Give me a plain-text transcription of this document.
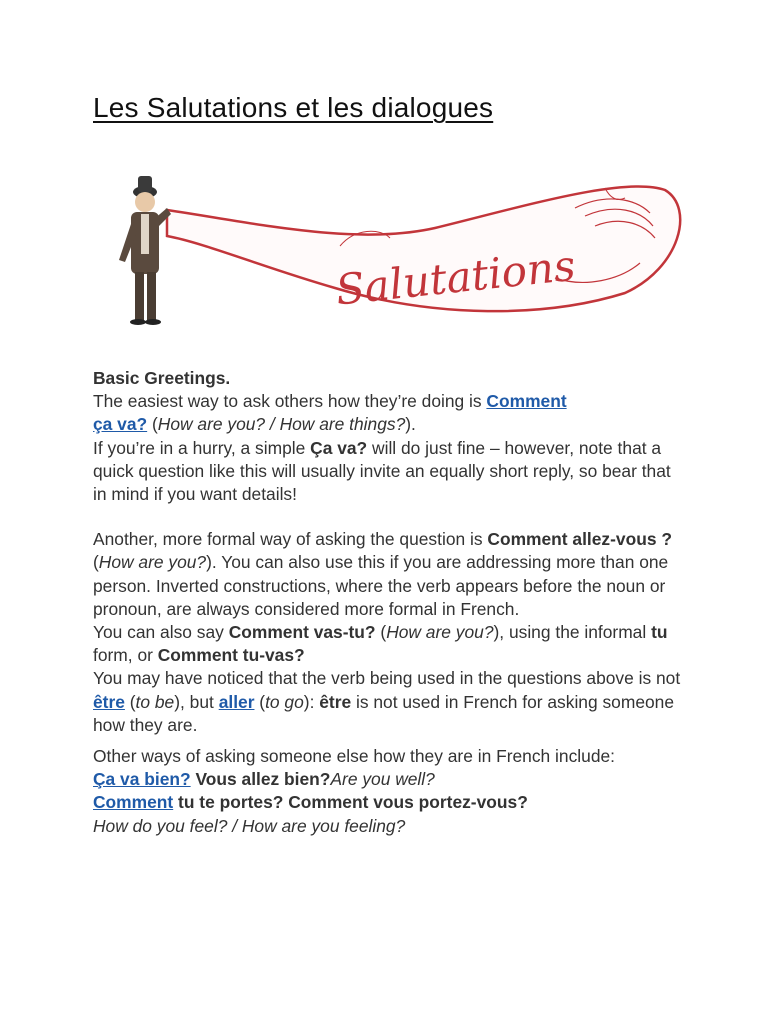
Les Salutations et les dialogues
Salutations

Basic Greetings.

The easiest way to ask others how they’re doing is Comment
ça va? (How are you? / How are things?).

If you’re in a hurry, a simple Ça va? will do just fine – however, note that a quick question like this will usually invite an equally short reply, so bear that in mind if you want details!

Another, more formal way of asking the question is Comment allez-vous ? (How are you?). You can also use this if you are addressing more than one person. Inverted constructions, where the verb appears before the noun or pronoun, are always considered more formal in French.

You can also say Comment vas-tu? (How are you?), using the informal tu form, or Comment tu-vas?

You may have noticed that the verb being used in the questions above is not être (to be), but aller (to go): être is not used in French for asking someone how they are.

Other ways of asking someone else how they are in French include:

Ça va bien? Vous allez bien?Are you well?

Comment tu te portes? Comment vous portez-vous?

How do you feel? / How are you feeling?
